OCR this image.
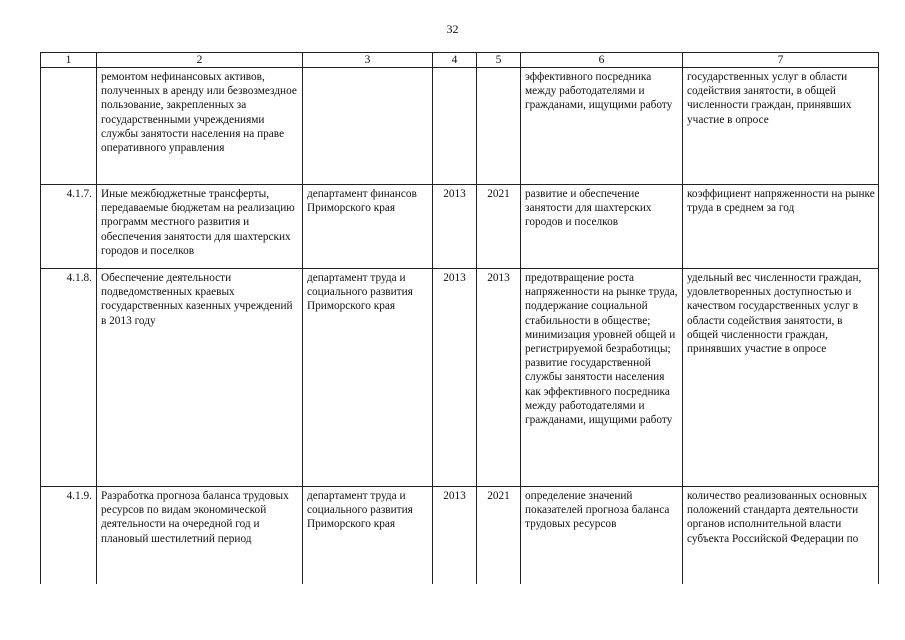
32
1	2	3	4	5	6	7
	ремонтом нефинансовых активов, полученных в аренду или безвозмездное пользование, закрепленных за государственными учреждениями службы занятости населения на праве оперативного управления				эффективного посредника между работодателями и гражданами, ищущими работу	государственных услуг в области содействия занятости, в общей численности граждан, принявших участие в опросе
4.1.7.	Иные межбюджетные трансферты, передаваемые бюджетам на реализацию программ местного развития и обеспечения занятости для шахтерских городов и поселков	департамент финансов Приморского края	2013	2021	развитие и обеспечение занятости для шахтерских городов и поселков	коэффициент напряженности на рынке труда в среднем за год
4.1.8.	Обеспечение деятельности подведомственных краевых государственных казенных учреждений в 2013 году	департамент труда и социального развития Приморского края	2013	2013	предотвращение роста напряженности на рынке труда, поддержание социальной стабильности в обществе; минимизация уровней общей и регистрируемой безработицы; развитие государственной службы занятости населения как эффективного посредника между работодателями и гражданами, ищущими работу	удельный вес численности граждан, удовлетворенных доступностью и качеством государственных услуг в области содействия занятости, в общей численности граждан, принявших участие в опросе
4.1.9.	Разработка прогноза баланса трудовых ресурсов по видам экономической деятельности на очередной год и плановый шестилетний период	департамент труда и социального развития Приморского края	2013	2021	определение значений показателей прогноза баланса трудовых ресурсов	количество реализованных основных положений стандарта деятельности органов исполнительной власти субъекта Российской Федерации по
